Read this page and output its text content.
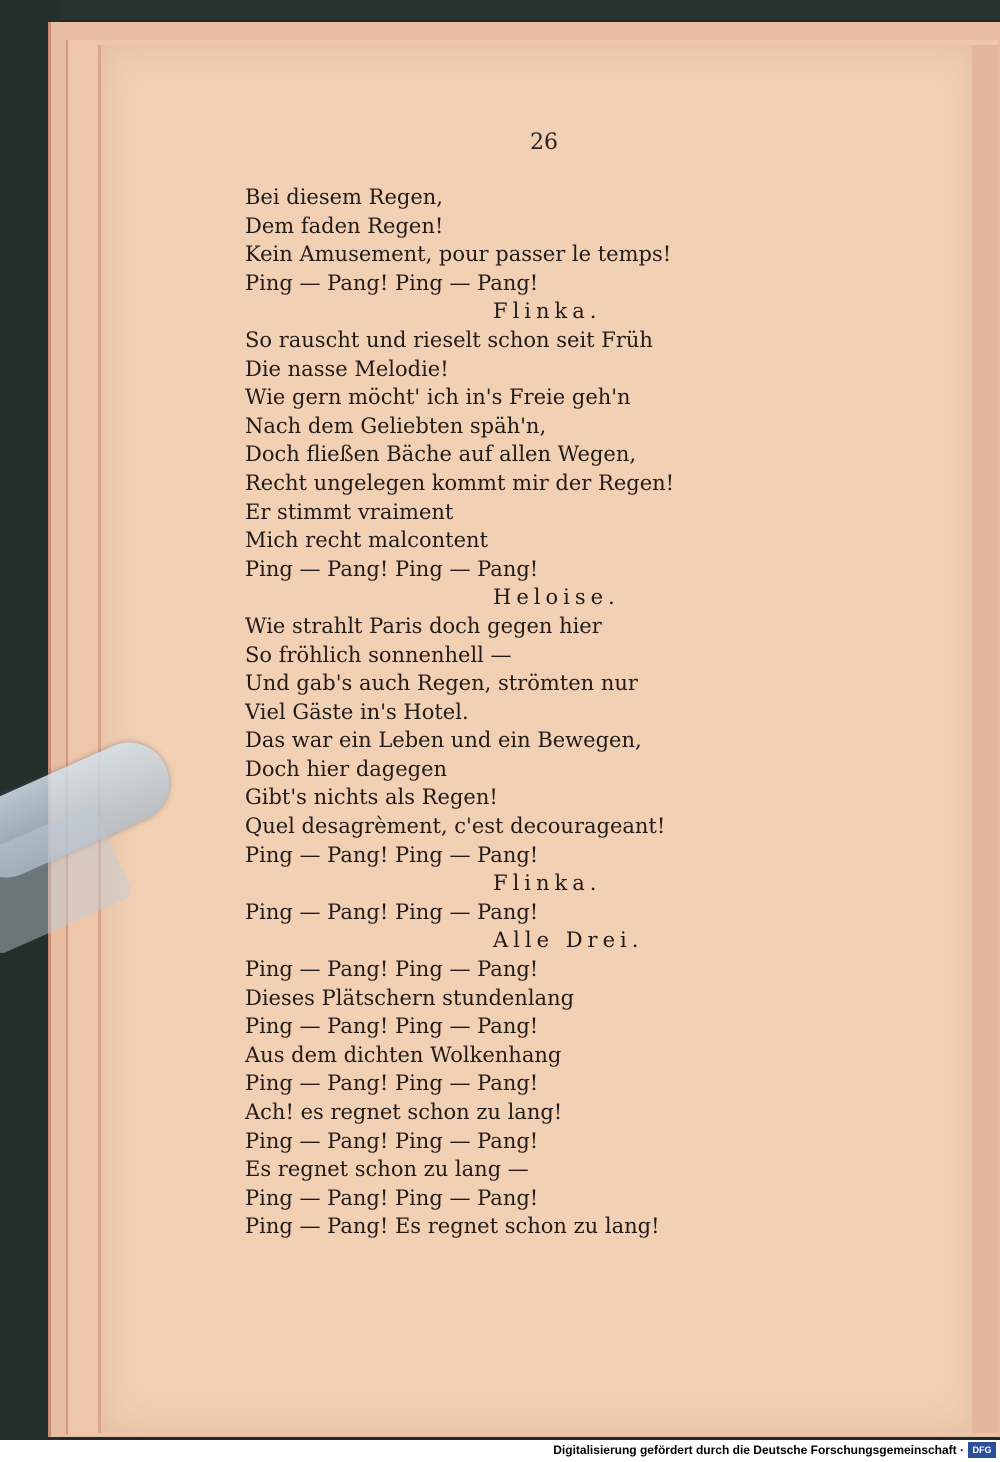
26
Bei diesem Regen,
Dem faden Regen!
Kein Amusement, pour passer le temps!
Ping — Pang! Ping — Pang!
Flinka.
So rauscht und rieselt schon seit Früh
Die nasse Melodie!
Wie gern möcht' ich in's Freie geh'n
Nach dem Geliebten späh'n,
Doch fließen Bäche auf allen Wegen,
Recht ungelegen kommt mir der Regen!
Er stimmt vraiment
Mich recht malcontent
Ping — Pang! Ping — Pang!
Heloise.
Wie strahlt Paris doch gegen hier
So fröhlich sonnenhell —
Und gab's auch Regen, strömten nur
Viel Gäste in's Hotel.
Das war ein Leben und ein Bewegen,
Doch hier dagegen
Gibt's nichts als Regen!
Quel desagrèment, c'est decourageant!
Ping — Pang! Ping — Pang!
Flinka.
Ping — Pang! Ping — Pang!
Alle Drei.
Ping — Pang! Ping — Pang!
Dieses Plätschern stundenlang
Ping — Pang! Ping — Pang!
Aus dem dichten Wolkenhang
Ping — Pang! Ping — Pang!
Ach! es regnet schon zu lang!
Ping — Pang! Ping — Pang!
Es regnet schon zu lang —
Ping — Pang! Ping — Pang!
Ping — Pang! Es regnet schon zu lang!
Digitalisierung gefördert durch die Deutsche Forschungsgemeinschaft · DFG
